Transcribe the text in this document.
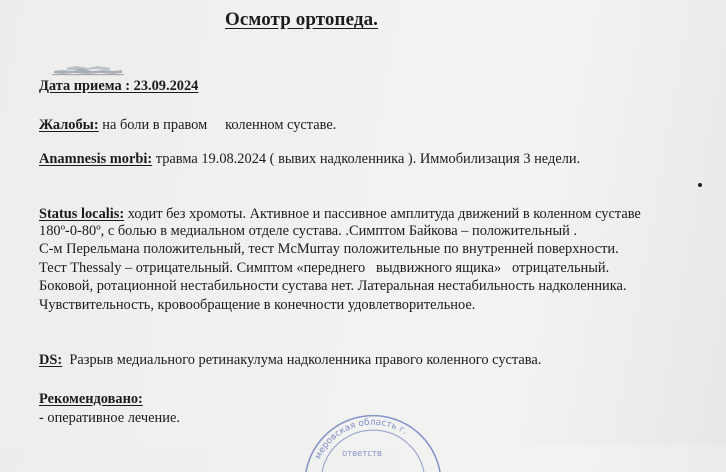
Осмотр ортопеда.
Дата приема : 23.09.2024
Жалобы: на боли в правом     коленном суставе.
Anamnesis morbi: травма 19.08.2024 ( вывих надколенника ). Иммобилизация 3 недели.
Status localis: ходит без хромоты. Активное и пассивное амплитуда движений в коленном суставе
180º-0-80º, с болью в медиальном отделе сустава. .Симптом Байкова – положительный .
С-м Перельмана положительный, тест McMurray положительные по внутренней поверхности.
Тест Thessaly – отрицательный. Симптом «переднего   выдвижного ящика»   отрицательный.
Боковой, ротационной нестабильности сустава нет. Латеральная нестабильность надколенника.
Чувствительность, кровообращение в конечности удовлетворительное.
DS:  Разрыв медиального ретинакулума надколенника правого коленного сустава.
Рекомендовано:
- оперативное лечение.
меровская область г.
ответств
